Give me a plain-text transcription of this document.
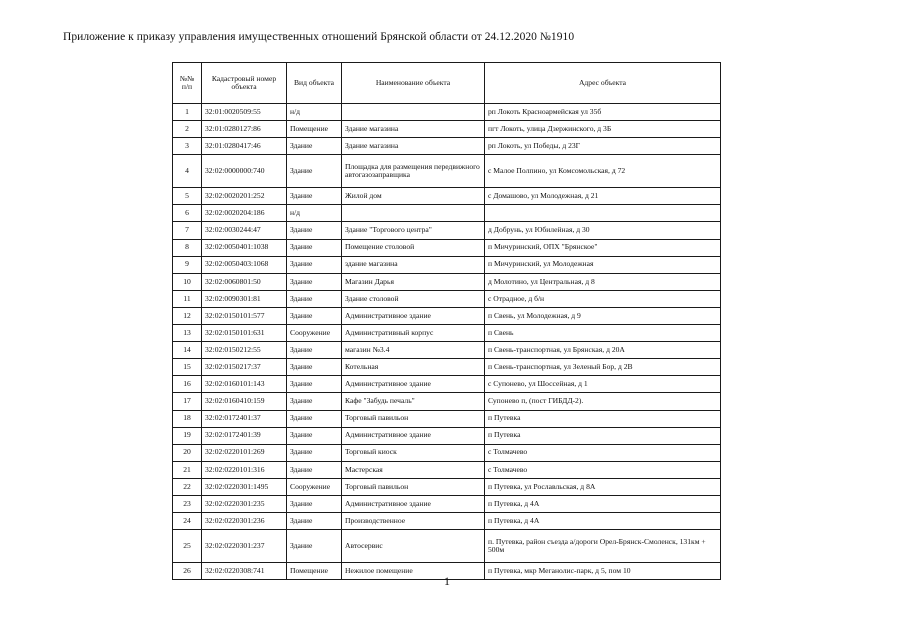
Приложение к приказу управления имущественных отношений Брянской области от 24.12.2020 №1910
№№ п/п	Кадастровый номер объекта	Вид объекта	Наименование объекта	Адрес объекта
1	32:01:0020509:55	н/д		рп Локоть Красноармейская ул 35б
2	32:01:0280127:86	Помещение	Здание магазина	пгт Локоть, улица Дзержинского, д 3Б
3	32:01:0280417:46	Здание	Здание магазина	рп Локоть, ул Победы, д 23Г
4	32:02:0000000:740	Здание	Площадка для размещения передвижного автогазозаправщика	с Малое Полпино, ул Комсомольская, д 72
5	32:02:0020201:252	Здание	Жилой дом	с Домашово, ул Молодежная, д 21
6	32:02:0020204:186	н/д		
7	32:02:0030244:47	Здание	Здание "Торгового центра"	д Добрунь, ул Юбилейная, д 30
8	32:02:0050401:1038	Здание	Помещение столовой	п Мичуринский, ОПХ "Брянское"
9	32:02:0050403:1068	Здание	здание магазина	п Мичуринский, ул Молодежная
10	32:02:0060801:50	Здание	Магазин Дарья	д Молотино, ул Центральная, д 8
11	32:02:0090301:81	Здание	Здание столовой	с Отрадное, д б/н
12	32:02:0150101:577	Здание	Административное здание	п Свень, ул Молодежная, д 9
13	32:02:0150101:631	Сооружение	Административный корпус	п Свень
14	32:02:0150212:55	Здание	магазин №3.4	п Свень-транспортная, ул Брянская, д 20А
15	32:02:0150217:37	Здание	Котельная	п Свень-транспортная, ул Зеленый Бор, д 2В
16	32:02:0160101:143	Здание	Административное здание	с Супонево, ул Шоссейная, д 1
17	32:02:0160410:159	Здание	Кафе "Забудь печаль"	Супонево п, (пост ГИБДД-2).
18	32:02:0172401:37	Здание	Торговый павильон	п Путевка
19	32:02:0172401:39	Здание	Административное здание	п Путевка
20	32:02:0220101:269	Здание	Торговый киоск	с Толмачево
21	32:02:0220101:316	Здание	Мастерская	с Толмачево
22	32:02:0220301:1495	Сооружение	Торговый павильон	п Путевка, ул Рославльская, д 8А
23	32:02:0220301:235	Здание	Административное здание	п Путевка, д 4А
24	32:02:0220301:236	Здание	Производственное	п Путевка, д 4А
25	32:02:0220301:237	Здание	Автосервис	п. Путевка, район съезда а/дороги Орел-Брянск-Смоленск, 131км + 500м
26	32:02:0220308:741	Помещение	Нежилое помещение	п Путевка, мкр Меганолис-парк, д 5, пом 10
1
